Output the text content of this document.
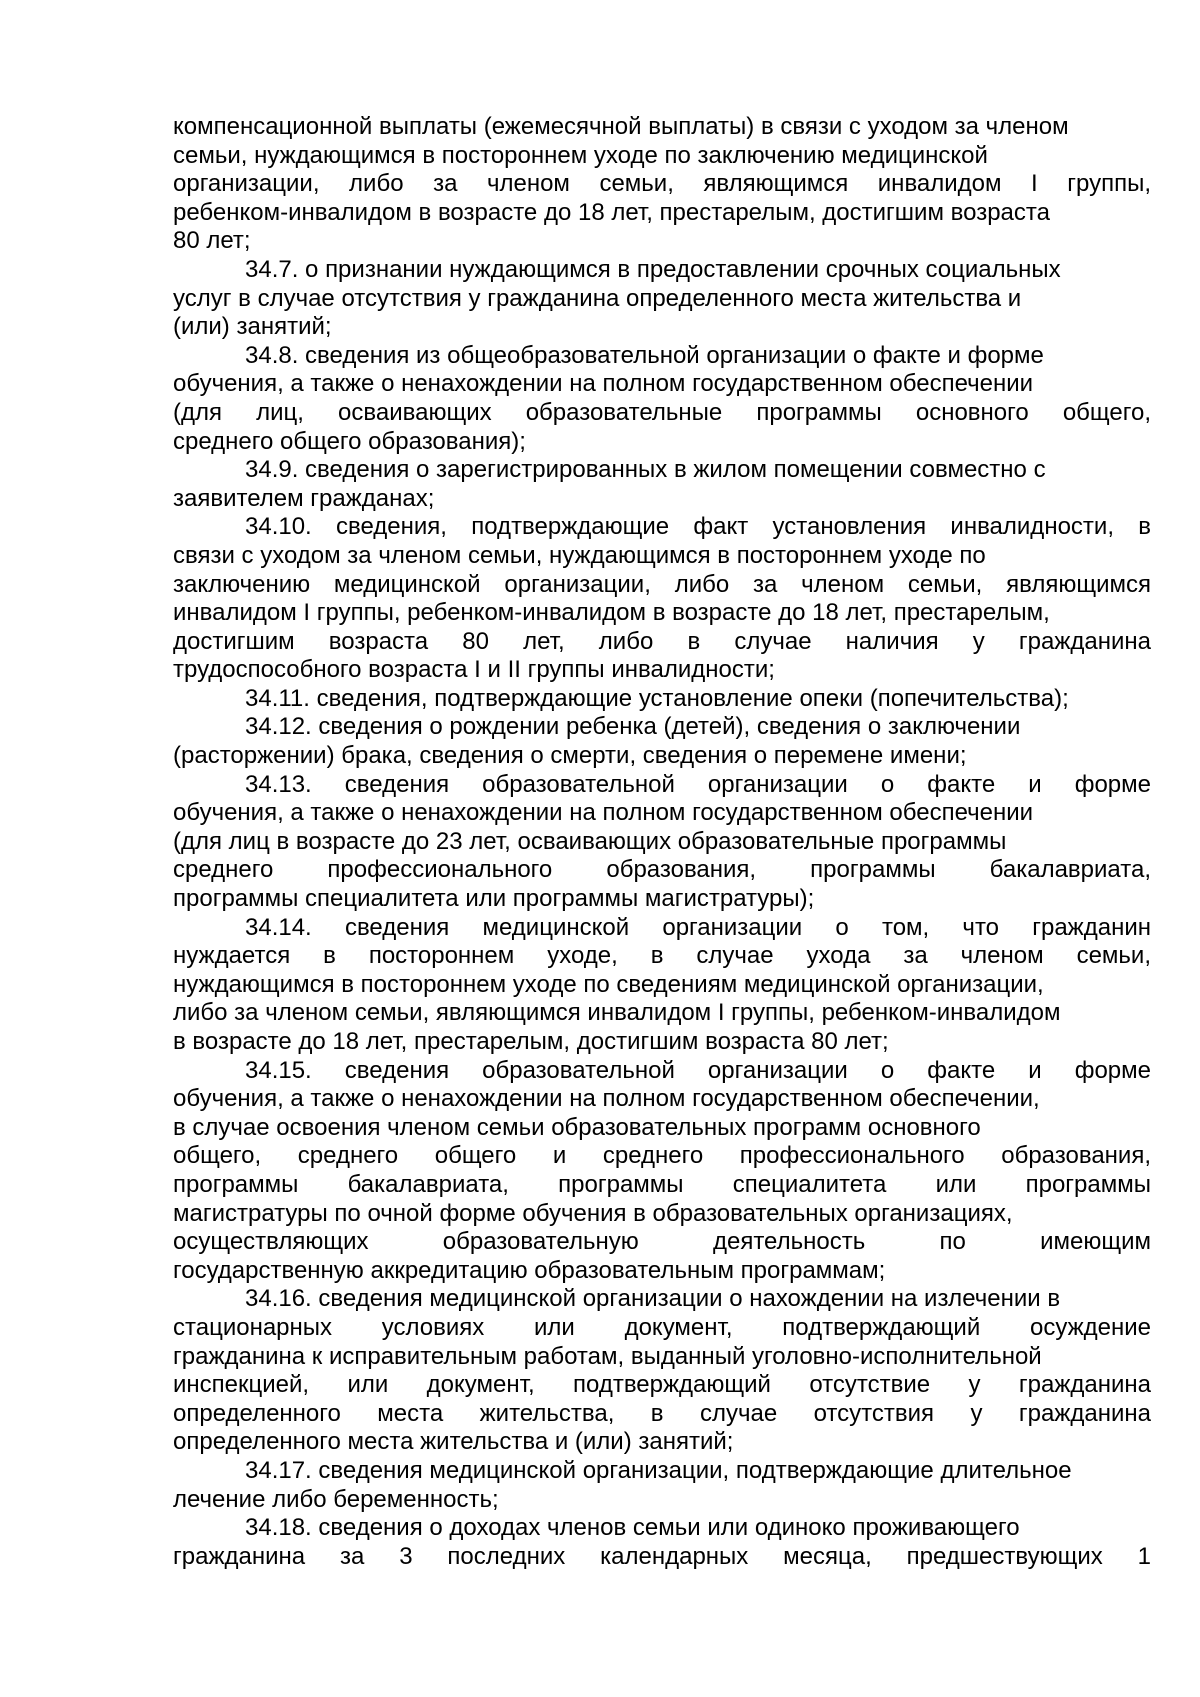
компенсационной выплаты (ежемесячной выплаты) в связи с уходом за членом
семьи, нуждающимся в постороннем уходе по заключению медицинской
организации, либо за членом семьи, являющимся инвалидом I группы,
ребенком-инвалидом в возрасте до 18 лет, престарелым, достигшим возраста
80 лет;
34.7. о признании нуждающимся в предоставлении срочных социальных
услуг в случае отсутствия у гражданина определенного места жительства и
(или) занятий;
34.8. сведения из общеобразовательной организации о факте и форме
обучения, а также о ненахождении на полном государственном обеспечении
(для лиц, осваивающих образовательные программы основного общего,
среднего общего образования);
34.9. сведения о зарегистрированных в жилом помещении совместно с
заявителем гражданах;
34.10. сведения, подтверждающие факт установления инвалидности, в
связи с уходом за членом семьи, нуждающимся в постороннем уходе по
заключению медицинской организации, либо за членом семьи, являющимся
инвалидом I группы, ребенком-инвалидом в возрасте до 18 лет, престарелым,
достигшим возраста 80 лет, либо в случае наличия у гражданина
трудоспособного возраста I и II группы инвалидности;
34.11. сведения, подтверждающие установление опеки (попечительства);
34.12. сведения о рождении ребенка (детей), сведения о заключении
(расторжении) брака, сведения о смерти, сведения о перемене имени;
34.13. сведения образовательной организации о факте и форме
обучения, а также о ненахождении на полном государственном обеспечении
(для лиц в возрасте до 23 лет, осваивающих образовательные программы
среднего профессионального образования, программы бакалавриата,
программы специалитета или программы магистратуры);
34.14. сведения медицинской организации о том, что гражданин
нуждается в постороннем уходе, в случае ухода за членом семьи,
нуждающимся в постороннем уходе по сведениям медицинской организации,
либо за членом семьи, являющимся инвалидом I группы, ребенком-инвалидом
в возрасте до 18 лет, престарелым, достигшим возраста 80 лет;
34.15. сведения образовательной организации о факте и форме
обучения, а также о ненахождении на полном государственном обеспечении,
в случае освоения членом семьи образовательных программ основного
общего, среднего общего и среднего профессионального образования,
программы бакалавриата, программы специалитета или программы
магистратуры по очной форме обучения в образовательных организациях,
осуществляющих образовательную деятельность по имеющим
государственную аккредитацию образовательным программам;
34.16. сведения медицинской организации о нахождении на излечении в
стационарных условиях или документ, подтверждающий осуждение
гражданина к исправительным работам, выданный уголовно-исполнительной
инспекцией, или документ, подтверждающий отсутствие у гражданина
определенного места жительства, в случае отсутствия у гражданина
определенного места жительства и (или) занятий;
34.17. сведения медицинской организации, подтверждающие длительное
лечение либо беременность;
34.18. сведения о доходах членов семьи или одиноко проживающего
гражданина за 3 последних календарных месяца, предшествующих 1
